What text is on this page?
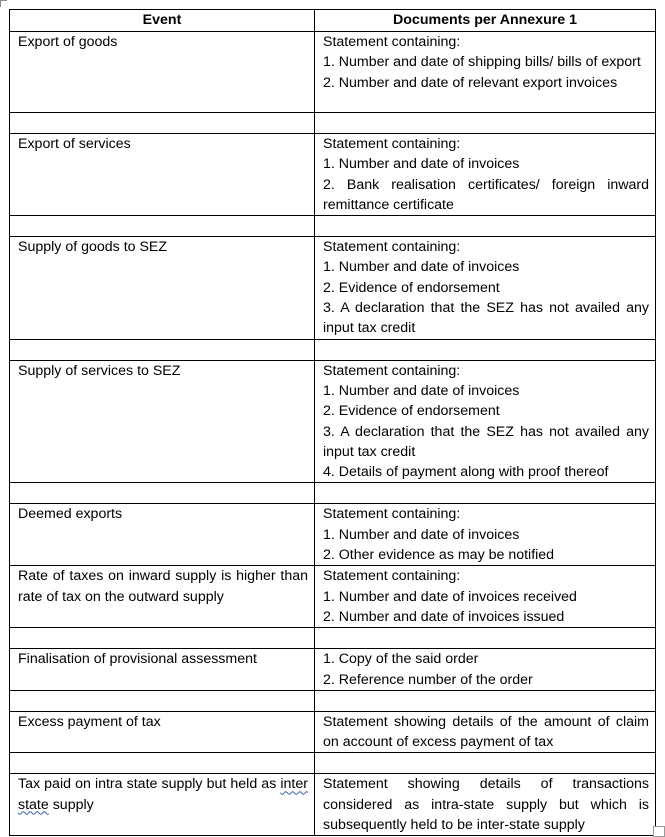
Event	Documents per Annexure 1

Export of goods	Statement containing:
1. Number and date of shipping bills/ bills of export
2. Number and date of relevant export invoices

Export of services	Statement containing:
1. Number and date of invoices
2. Bank realisation certificates/ foreign inward remittance certificate

Supply of goods to SEZ	Statement containing:
1. Number and date of invoices
2. Evidence of endorsement
3. A declaration that the SEZ has not availed any input tax credit

Supply of services to SEZ	Statement containing:
1. Number and date of invoices
2. Evidence of endorsement
3. A declaration that the SEZ has not availed any input tax credit
4. Details of payment along with proof thereof

Deemed exports	Statement containing:
1. Number and date of invoices
2. Other evidence as may be notified

Rate of taxes on inward supply is higher than rate of tax on the outward supply	Statement containing:
1. Number and date of invoices received
2. Number and date of invoices issued

Finalisation of provisional assessment	1. Copy of the said order
2. Reference number of the order

Excess payment of tax	Statement showing details of the amount of claim on account of excess payment of tax

Tax paid on intra state supply but held as inter state supply	Statement showing details of transactions considered as intra-state supply but which is subsequently held to be inter-state supply
